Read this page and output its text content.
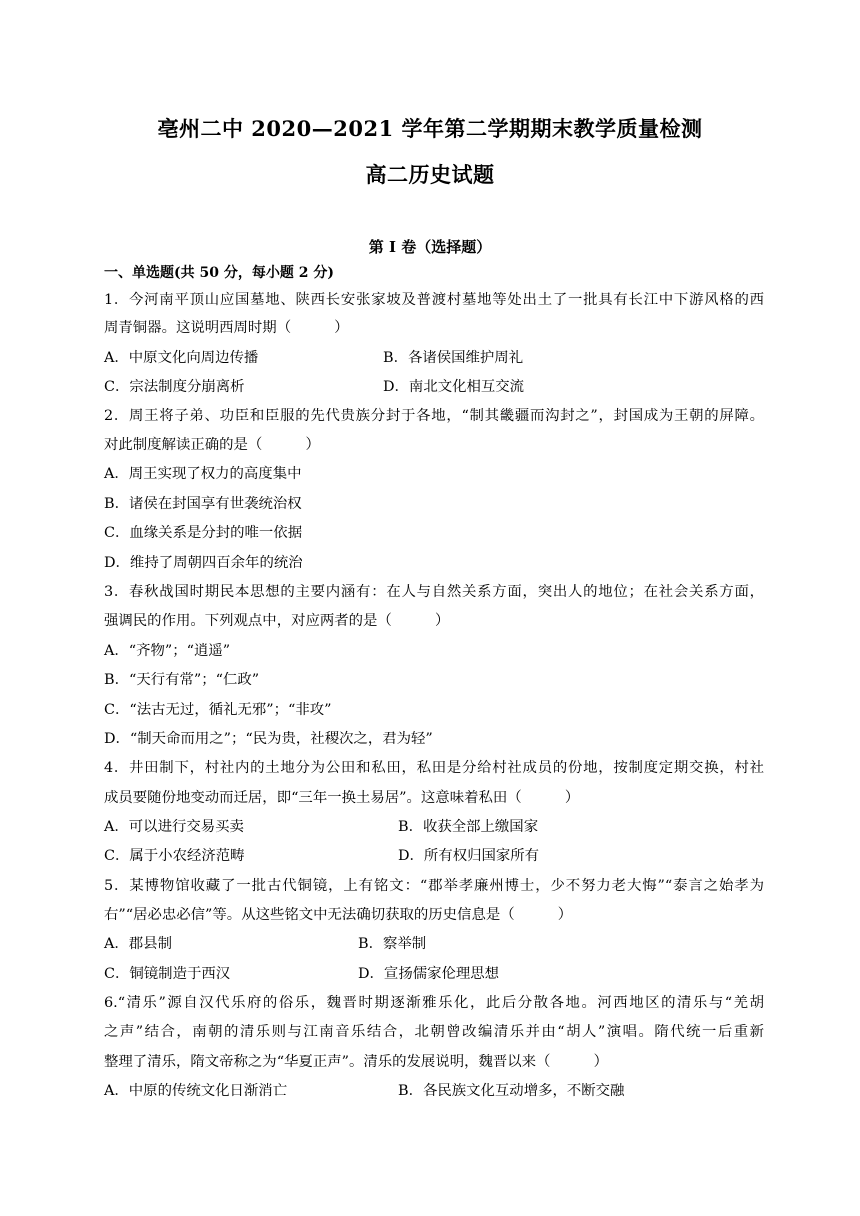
亳州二中 2020—2021 学年第二学期期末教学质量检测
高二历史试题
第 I 卷（选择题）
一、单选题(共 50 分，每小题 2 分)
1．今河南平顶山应国墓地、陕西长安张家坡及普渡村墓地等处出土了一批具有长江中下游风格的西
周青铜器。这说明西周时期（　　　）
A．中原文化向周边传播	B．各诸侯国维护周礼
C．宗法制度分崩离析	D．南北文化相互交流
2．周王将子弟、功臣和臣服的先代贵族分封于各地，“制其畿疆而沟封之”，封国成为王朝的屏障。
对此制度解读正确的是（　　　）
A．周王实现了权力的高度集中
B．诸侯在封国享有世袭统治权
C．血缘关系是分封的唯一依据
D．维持了周朝四百余年的统治
3．春秋战国时期民本思想的主要内涵有：在人与自然关系方面，突出人的地位；在社会关系方面，
强调民的作用。下列观点中，对应两者的是（　　　）
A．“齐物”；“逍遥”
B．“天行有常”；“仁政”
C．“法古无过，循礼无邪”；“非攻”
D．“制天命而用之”；“民为贵，社稷次之，君为轻”
4．井田制下，村社内的土地分为公田和私田，私田是分给村社成员的份地，按制度定期交换，村社
成员要随份地变动而迁居，即“三年一换土易居”。这意味着私田（　　　）
A．可以进行交易买卖	B．收获全部上缴国家
C．属于小农经济范畴	D．所有权归国家所有
5．某博物馆收藏了一批古代铜镜，上有铭文：“郡举孝廉州博士，少不努力老大悔”“泰言之始孝为
右”“居必忠必信”等。从这些铭文中无法确切获取的历史信息是（　　　）
A．郡县制	B．察举制
C．铜镜制造于西汉	D．宣扬儒家伦理思想
6.“清乐”源自汉代乐府的俗乐，魏晋时期逐渐雅乐化，此后分散各地。河西地区的清乐与“羌胡
之声”结合，南朝的清乐则与江南音乐结合，北朝曾改编清乐并由“胡人”演唱。隋代统一后重新
整理了清乐，隋文帝称之为“华夏正声”。清乐的发展说明，魏晋以来（　　　）
A．中原的传统文化日渐消亡	B．各民族文化互动增多，不断交融
